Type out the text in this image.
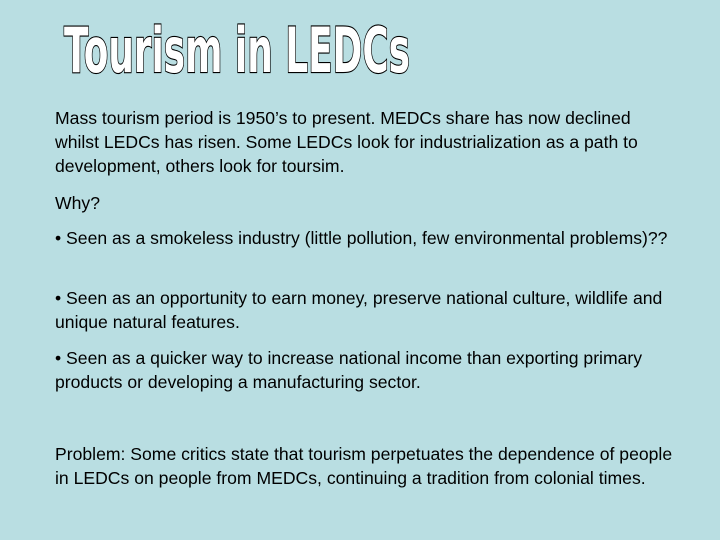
Tourism in LEDCs

Mass tourism period is 1950’s to present. MEDCs share has now declined whilst LEDCs has risen. Some LEDCs look for industrialization as a path to development, others look for toursim.

Why?

• Seen as a smokeless industry (little pollution, few environmental problems)??

• Seen as an opportunity to earn money, preserve national culture, wildlife and unique natural features.

• Seen as a quicker way to increase national income than exporting primary products or developing a manufacturing sector.

Problem: Some critics state that tourism perpetuates the dependence of people in LEDCs on people from MEDCs, continuing a tradition from colonial times.
